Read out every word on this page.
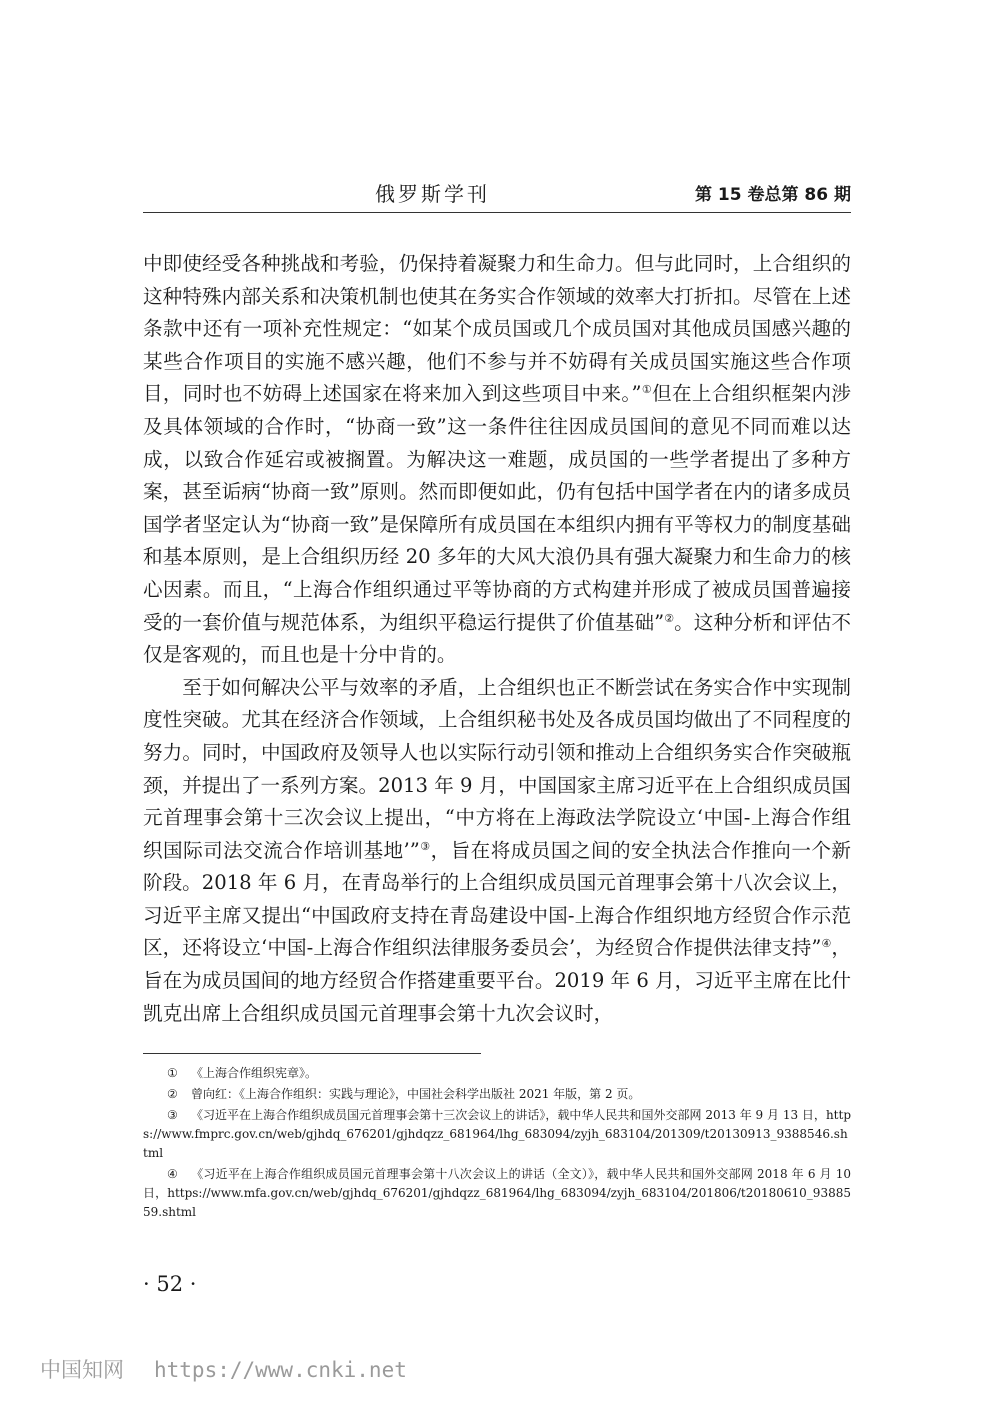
俄罗斯学刊	第 15 卷总第 86 期

中即使经受各种挑战和考验，仍保持着凝聚力和生命力。但与此同时，上合组织的这种特殊内部关系和决策机制也使其在务实合作领域的效率大打折扣。尽管在上述条款中还有一项补充性规定：“如某个成员国或几个成员国对其他成员国感兴趣的某些合作项目的实施不感兴趣，他们不参与并不妨碍有关成员国实施这些合作项目，同时也不妨碍上述国家在将来加入到这些项目中来。”①但在上合组织框架内涉及具体领域的合作时，“协商一致”这一条件往往因成员国间的意见不同而难以达成，以致合作延宕或被搁置。为解决这一难题，成员国的一些学者提出了多种方案，甚至诟病“协商一致”原则。然而即便如此，仍有包括中国学者在内的诸多成员国学者坚定认为“协商一致”是保障所有成员国在本组织内拥有平等权力的制度基础和基本原则，是上合组织历经 20 多年的大风大浪仍具有强大凝聚力和生命力的核心因素。而且，“上海合作组织通过平等协商的方式构建并形成了被成员国普遍接受的一套价值与规范体系，为组织平稳运行提供了价值基础”②。这种分析和评估不仅是客观的，而且也是十分中肯的。

至于如何解决公平与效率的矛盾，上合组织也正不断尝试在务实合作中实现制度性突破。尤其在经济合作领域，上合组织秘书处及各成员国均做出了不同程度的努力。同时，中国政府及领导人也以实际行动引领和推动上合组织务实合作突破瓶颈，并提出了一系列方案。2013 年 9 月，中国国家主席习近平在上合组织成员国元首理事会第十三次会议上提出，“中方将在上海政法学院设立‘中国-上海合作组织国际司法交流合作培训基地’”③，旨在将成员国之间的安全执法合作推向一个新阶段。2018 年 6 月，在青岛举行的上合组织成员国元首理事会第十八次会议上，习近平主席又提出“中国政府支持在青岛建设中国-上海合作组织地方经贸合作示范区，还将设立‘中国-上海合作组织法律服务委员会’，为经贸合作提供法律支持”④，旨在为成员国间的地方经贸合作搭建重要平台。2019 年 6 月，习近平主席在比什凯克出席上合组织成员国元首理事会第十九次会议时，

① 《上海合作组织宪章》。
② 曾向红：《上海合作组织：实践与理论》，中国社会科学出版社 2021 年版，第 2 页。
③ 《习近平在上海合作组织成员国元首理事会第十三次会议上的讲话》，载中华人民共和国外交部网 2013 年 9 月 13 日，https://www.fmprc.gov.cn/web/gjhdq_676201/gjhdqzz_681964/lhg_683094/zyjh_683104/201309/t20130913_9388546.shtml
④ 《习近平在上海合作组织成员国元首理事会第十八次会议上的讲话（全文）》，载中华人民共和国外交部网 2018 年 6 月 10 日，https://www.mfa.gov.cn/web/gjhdq_676201/gjhdqzz_681964/lhg_683094/zyjh_683104/201806/t20180610_9388559.shtml
· 52 ·
中国知网 https://www.cnki.net
